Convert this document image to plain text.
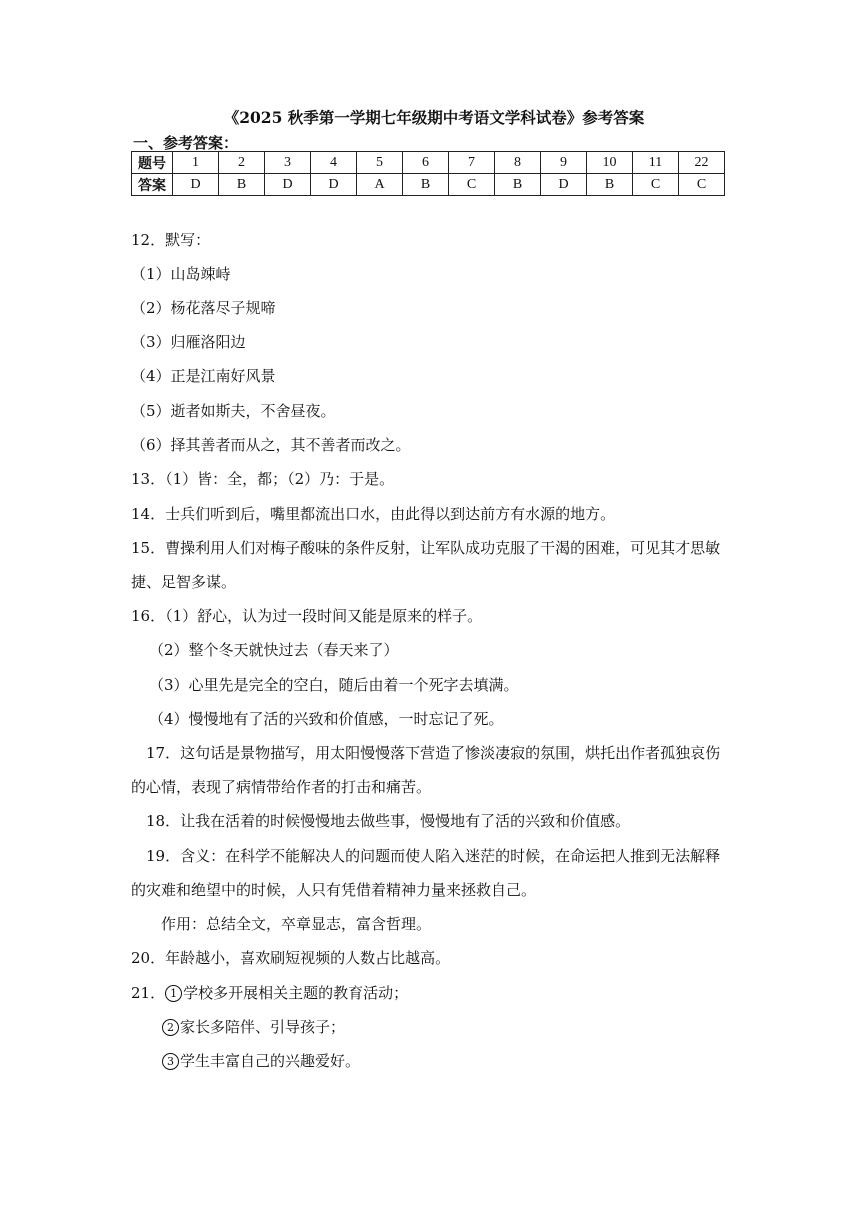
《2025 秋季第一学期七年级期中考语文学科试卷》参考答案
一、参考答案：
题号	1	2	3	4	5	6	7	8	9	10	11	22
答案	D	B	D	D	A	B	C	B	D	B	C	C
12．默写：
（1）山岛竦峙
（2）杨花落尽子规啼
（3）归雁洛阳边
（4）正是江南好风景
（5）逝者如斯夫，不舍昼夜。
（6）择其善者而从之，其不善者而改之。
13．（1）皆：全，都；（2）乃：于是。
14．士兵们听到后，嘴里都流出口水，由此得以到达前方有水源的地方。
15．曹操利用人们对梅子酸味的条件反射，让军队成功克服了干渴的困难，可见其才思敏
捷、足智多谋。
16．（1）舒心，认为过一段时间又能是原来的样子。
（2）整个冬天就快过去（春天来了）
（3）心里先是完全的空白，随后由着一个死字去填满。
（4）慢慢地有了活的兴致和价值感，一时忘记了死。
17．这句话是景物描写，用太阳慢慢落下营造了惨淡凄寂的氛围，烘托出作者孤独哀伤
的心情，表现了病情带给作者的打击和痛苦。
18．让我在活着的时候慢慢地去做些事，慢慢地有了活的兴致和价值感。
19．含义：在科学不能解决人的问题而使人陷入迷茫的时候，在命运把人推到无法解释
的灾难和绝望中的时候，人只有凭借着精神力量来拯救自己。
作用：总结全文，卒章显志，富含哲理。
20．年龄越小，喜欢刷短视频的人数占比越高。
21． 1 学校多开展相关主题的教育活动；
2 家长多陪伴、引导孩子；
3 学生丰富自己的兴趣爱好。
